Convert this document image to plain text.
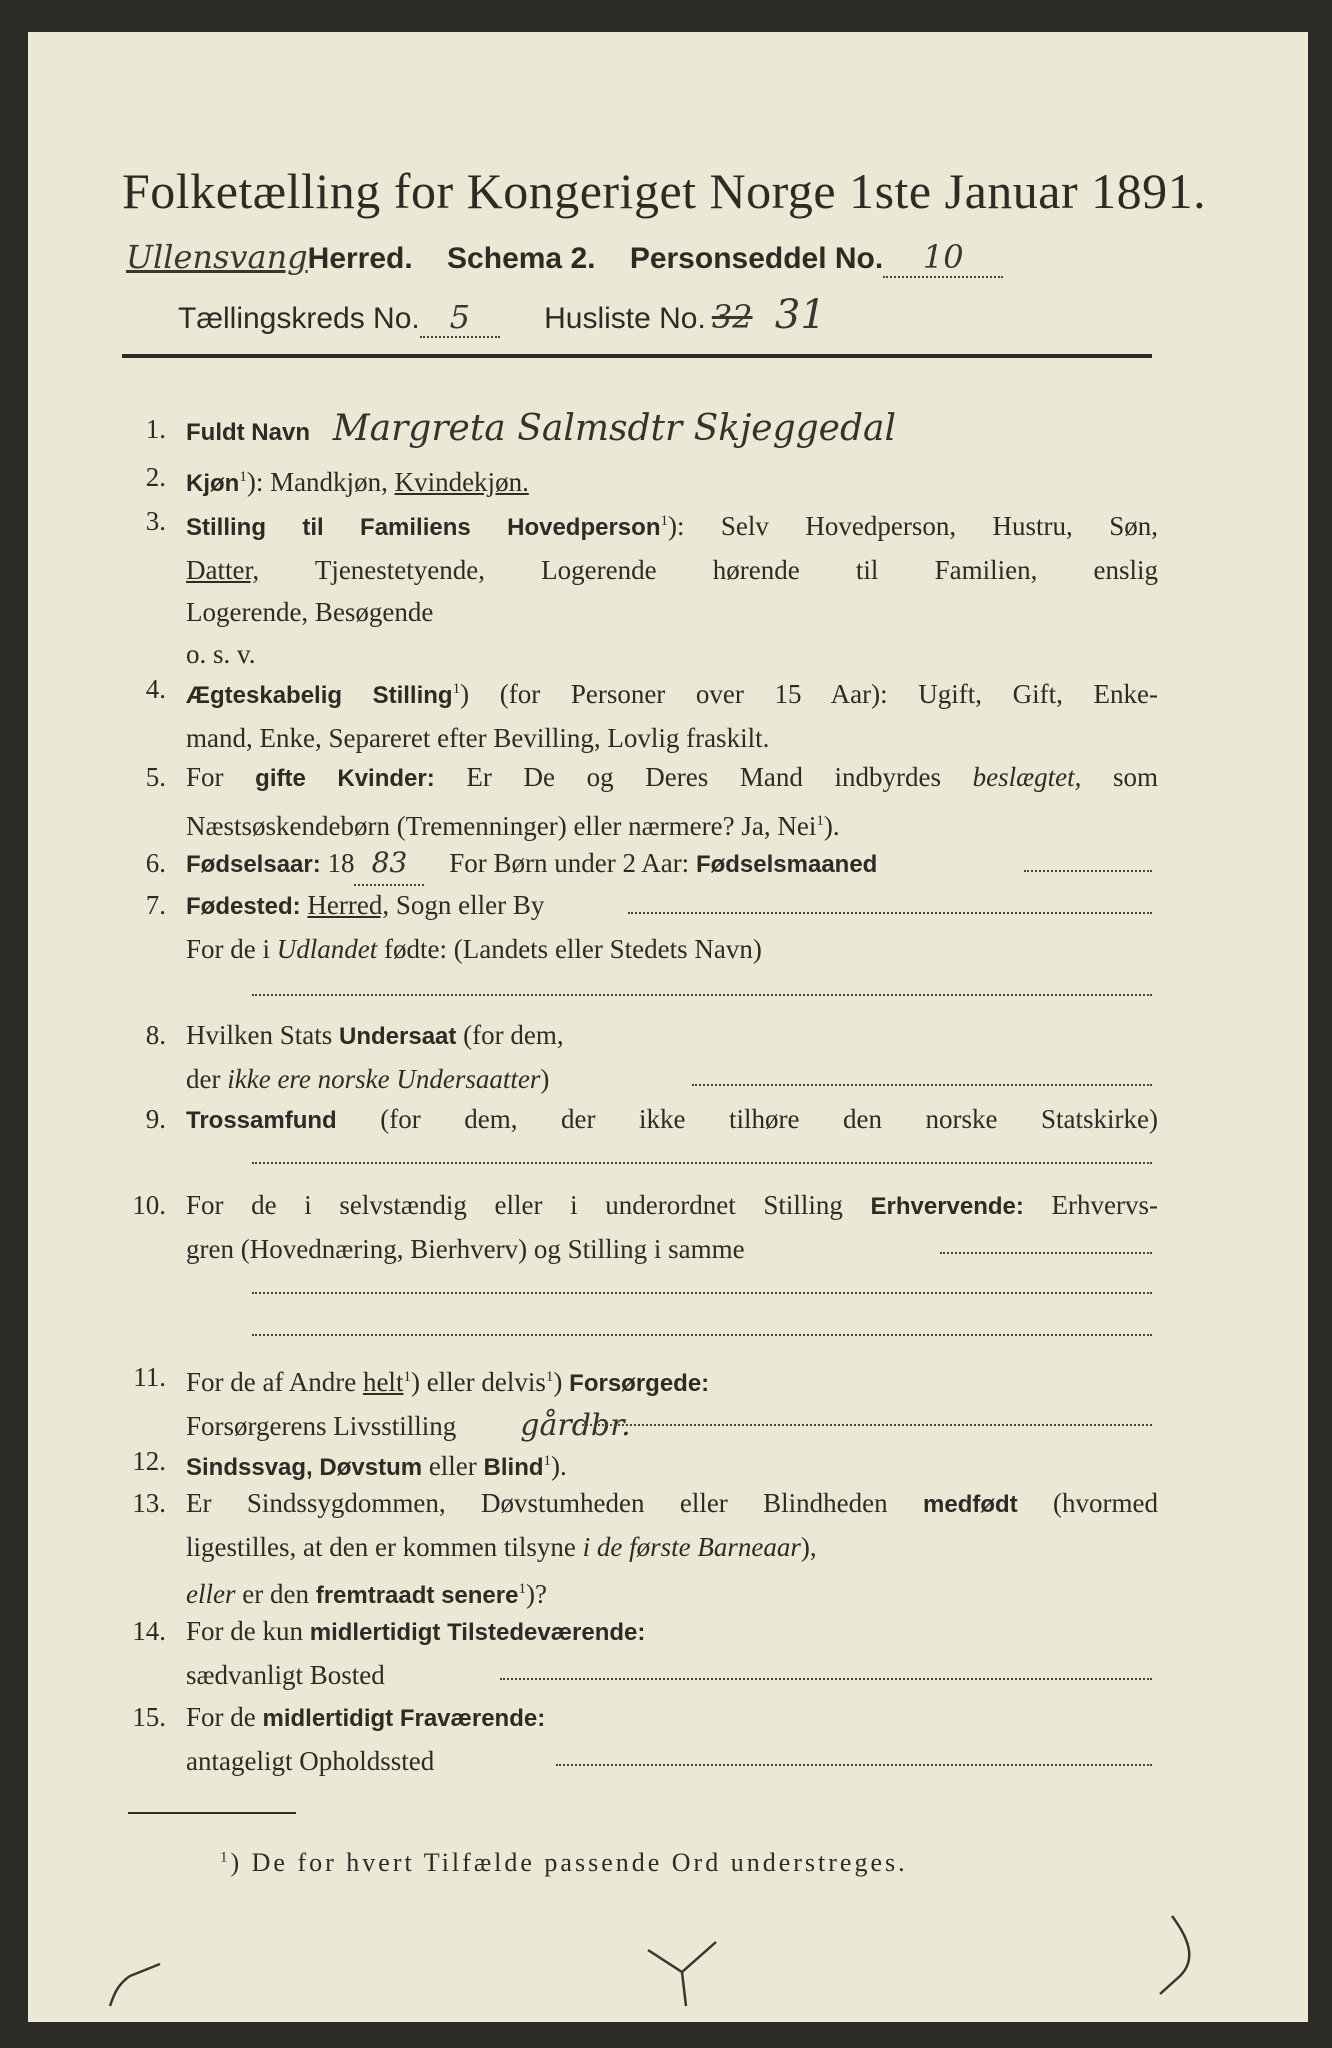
Folketælling for Kongeriget Norge 1ste Januar 1891.
UllensvangHerred. Schema 2. Personseddel No. 10
Tællingskreds No. 5 Husliste No. 32 31
1. Fuldt Navn Margreta Salmsdtr Skjeggedal
2. Kjøn$^1$): Mandkjøn, Kvindekjøn.
3. Stilling til Familiens Hovedperson$^1$): Selv Hovedperson, Hustru, Søn,
Datter, Tjenestetyende, Logerende hørende til Familien, enslig
Logerende, Besøgende
o. s. v.
4. Ægteskabelig Stilling$^1$) (for Personer over 15 Aar): Ugift, Gift, Enke-
mand, Enke, Separeret efter Bevilling, Lovlig fraskilt.
5. For gifte Kvinder: Er De og Deres Mand indbyrdes beslægtet, som
Næstsøskendebørn (Tremenninger) eller nærmere? Ja, Nei$^1$).
6. Fødselsaar: 18 83 For Børn under 2 Aar: Fødselsmaaned
7. Fødested: Herred, Sogn eller By
For de i Udlandet fødte: (Landets eller Stedets Navn)
8. Hvilken Stats Undersaat (for dem,
der ikke ere norske Undersaatter)
9. Trossamfund (for dem, der ikke tilhøre den norske Statskirke)
10. For de i selvstændig eller i underordnet Stilling Erhvervende: Erhvervs-
gren (Hovednæring, Bierhverv) og Stilling i samme
11. For de af Andre helt$^1$) eller delvis$^1$) Forsørgede:
Forsørgerens Livsstilling gårdbr.
12. Sindssvag, Døvstum eller Blind$^1$).
13. Er Sindssygdommen, Døvstumheden eller Blindheden medfødt (hvormed
ligestilles, at den er kommen tilsyne i de første Barneaar),
eller er den fremtraadt senere$^1$)?
14. For de kun midlertidigt Tilstedeværende:
sædvanligt Bosted
15. For de midlertidigt Fraværende:
antageligt Opholdssted
$^1$) De for hvert Tilfælde passende Ord understreges.
